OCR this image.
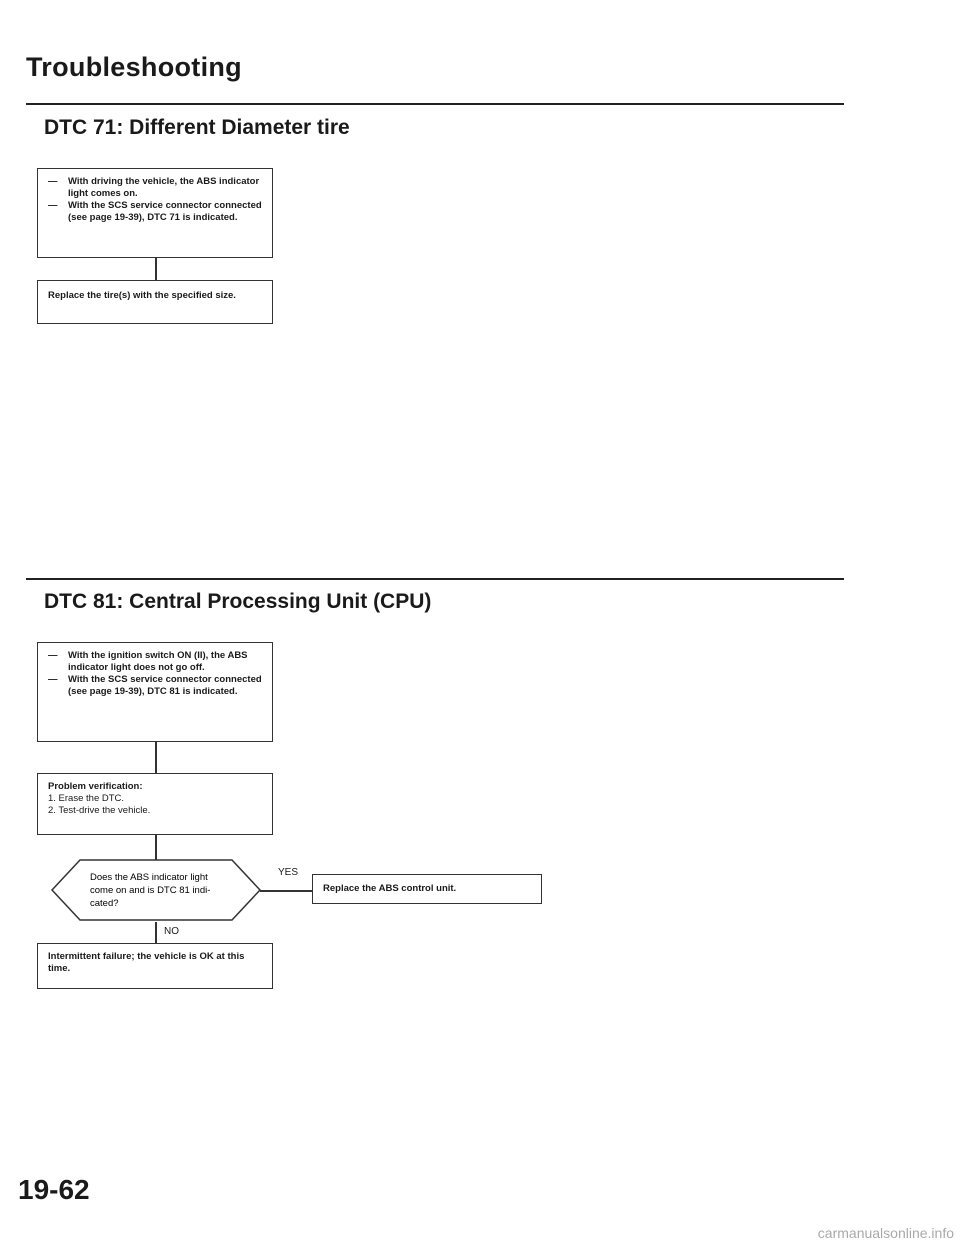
Troubleshooting
DTC 71: Different Diameter tire
— With driving the vehicle, the ABS indicator light comes on.
— With the SCS service connector connected (see page 19-39), DTC 71 is indicated.
Replace the tire(s) with the specified size.
DTC 81: Central Processing Unit (CPU)
— With the ignition switch ON (II), the ABS indicator light does not go off.
— With the SCS service connector connected (see page 19-39), DTC 81 is indicated.
Problem verification:
1. Erase the DTC.
2. Test-drive the vehicle.
Does the ABS indicator light
come on and is DTC 81 indi-
cated?
YES
Replace the ABS control unit.
NO
Intermittent failure; the vehicle is OK at this time.
19-62
carmanualsonline.info
